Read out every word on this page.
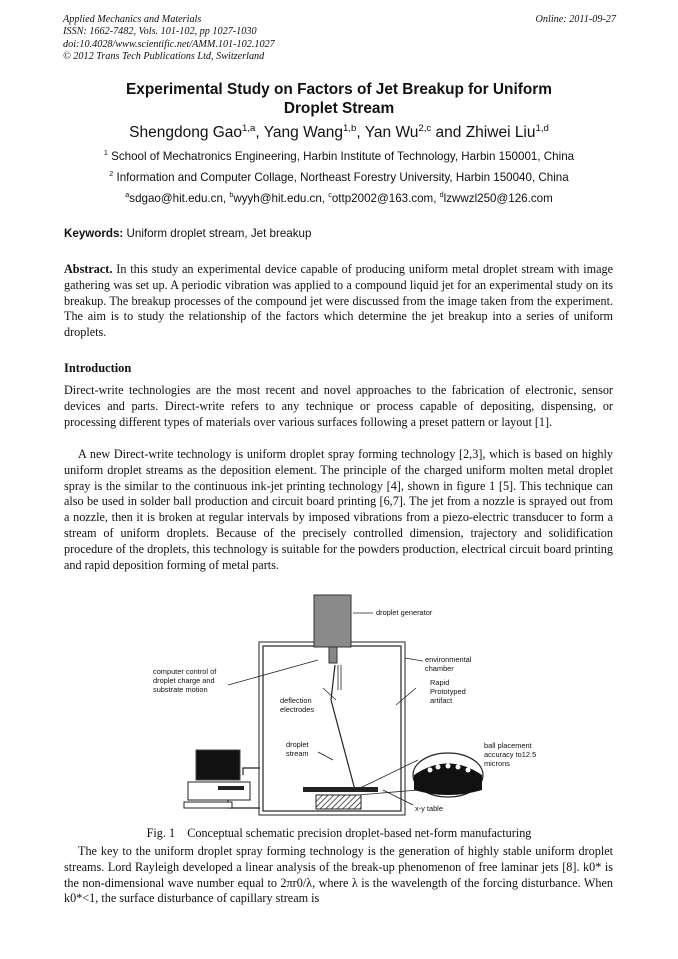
Applied Mechanics and Materials
ISSN: 1662-7482, Vols. 101-102, pp 1027-1030
doi:10.4028/www.scientific.net/AMM.101-102.1027
© 2012 Trans Tech Publications Ltd, Switzerland
Online: 2011-09-27
Experimental Study on Factors of Jet Breakup for Uniform
Droplet Stream
Shengdong Gao$^{1,a}$, Yang Wang$^{1,b}$, Yan Wu$^{2,c}$ and Zhiwei Liu$^{1,d}$
$^1$ School of Mechatronics Engineering, Harbin Institute of Technology, Harbin 150001, China
$^2$ Information and Computer Collage, Northeast Forestry University, Harbin 150040, China
$^a$sdgao@hit.edu.cn, $^b$wyyh@hit.edu.cn, $^c$ottp2002@163.com, $^d$lzwwzl250@126.com
Keywords: Uniform droplet stream, Jet breakup
Abstract. In this study an experimental device capable of producing uniform metal droplet stream with image gathering was set up. A periodic vibration was applied to a compound liquid jet for an experimental study on its breakup. The breakup processes of the compound jet were discussed from the image taken from the experiment. The aim is to study the relationship of the factors which determine the jet breakup into a series of uniform droplets.
Introduction
Direct-write technologies are the most recent and novel approaches to the fabrication of electronic, sensor devices and parts. Direct-write refers to any technique or process capable of depositing, dispensing, or processing different types of materials over various surfaces following a preset pattern or layout [1].
A new Direct-write technology is uniform droplet spray forming technology [2,3], which is based on highly uniform droplet streams as the deposition element. The principle of the charged uniform molten metal droplet spray is the similar to the continuous ink-jet printing technology [4], shown in figure 1 [5]. This technique can also be used in solder ball production and circuit board printing [6,7]. The jet from a nozzle is sprayed out from a nozzle, then it is broken at regular intervals by imposed vibrations from a piezo-electric transducer to form a stream of uniform droplets. Because of the precisely controlled dimension, trajectory and solidification procedure of the droplets, this technology is suitable for the powders production, electrical circuit board printing and rapid deposition forming of metal parts.
droplet generator
environmental
chamber
Rapid
Prototyped
artifact
computer control of
droplet charge and
substrate motion
deflection
electrodes
droplet
stream
ball placement
accuracy to12.5
microns
x-y table
Fig. 1    Conceptual schematic precision droplet-based net-form manufacturing
The key to the uniform droplet spray forming technology is the generation of highly stable uniform droplet streams. Lord Rayleigh developed a linear analysis of the break-up phenomenon of free laminar jets [8]. k0* is the non-dimensional wave number equal to 2πr0/λ, where λ is the wavelength of the forcing disturbance. When k0*<1, the surface disturbance of capillary stream is
